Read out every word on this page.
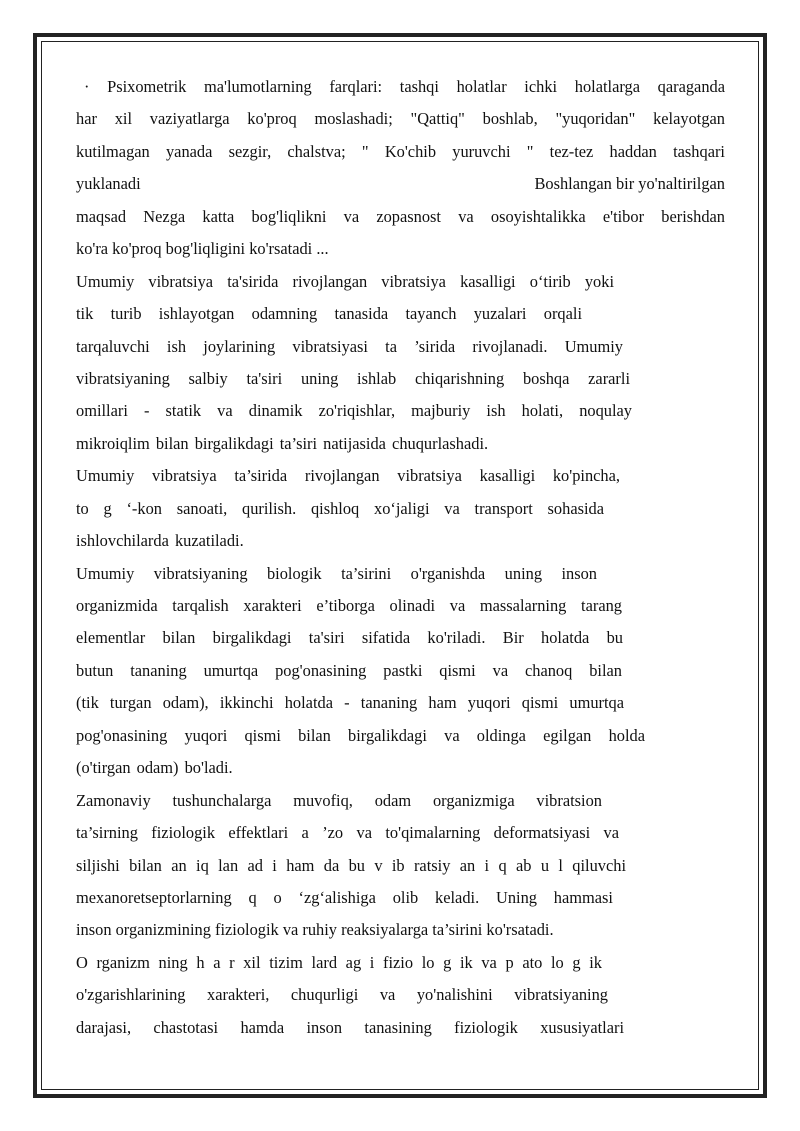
· Psixometrik ma'lumotlarning farqlari: tashqi holatlar ichki holatlarga qaraganda
har xil vaziyatlarga ko'proq moslashadi; "Qattiq" boshlab, "yuqoridan" kelayotgan
kutilmagan yanada sezgir, chalstva; " Ko'chib yuruvchi " tez-tez haddan tashqari
yuklanadi	Boshlangan bir yo'naltirilgan
maqsad Nezga katta bog'liqlikni va zopasnost va osoyishtalikka e'tibor berishdan
ko'ra ko'proq bog'liqligini ko'rsatadi ...
Umumiy vibratsiya ta'sirida rivojlangan vibratsiya kasalligi o‘tirib yoki
tik turib ishlayotgan odamning tanasida tayanch yuzalari orqali
tarqaluvchi ish joylarining vibratsiyasi ta ’sirida rivojlanadi. Umumiy
vibratsiyaning salbiy ta'siri uning ishlab chiqarishning boshqa zararli
omillari - statik va dinamik zo'riqishlar, majburiy ish holati, noqulay
mikroiqlim bilan birgalikdagi ta’siri natijasida chuqurlashadi.
Umumiy vibratsiya ta’sirida rivojlangan vibratsiya kasalligi ko'pincha,
to g ‘-kon sanoati, qurilish. qishloq xo‘jaligi va transport sohasida
ishlovchilarda kuzatiladi.
Umumiy vibratsiyaning biologik ta’sirini o'rganishda uning inson
organizmida tarqalish xarakteri e’tiborga olinadi va massalarning tarang
elementlar bilan birgalikdagi ta'siri sifatida ko'riladi. Bir holatda bu
butun tananing umurtqa pog'onasining pastki qismi va chanoq bilan
(tik turgan odam), ikkinchi holatda - tananing ham yuqori qismi umurtqa
pog'onasining yuqori qismi bilan birgalikdagi va oldinga egilgan holda
(o'tirgan odam) bo'ladi.
Zamonaviy tushunchalarga muvofiq, odam organizmiga vibratsion
ta’sirning fiziologik effektlari a ’zo va to'qimalarning deformatsiyasi va
siljishi bilan an iq lan ad i ham da bu v ib ratsiy an i q ab u l qiluvchi
mexanoretseptorlarning q o ‘zg‘alishiga olib keladi. Uning hammasi
inson organizmining fiziologik va ruhiy reaksiyalarga ta’sirini ko'rsatadi.
O rganizm ning h a r xil tizim lard ag i fizio lo g ik va p ato lo g ik
o'zgarishlarining xarakteri, chuqurligi va yo'nalishini vibratsiyaning
darajasi, chastotasi hamda inson tanasining fiziologik xususiyatlari
